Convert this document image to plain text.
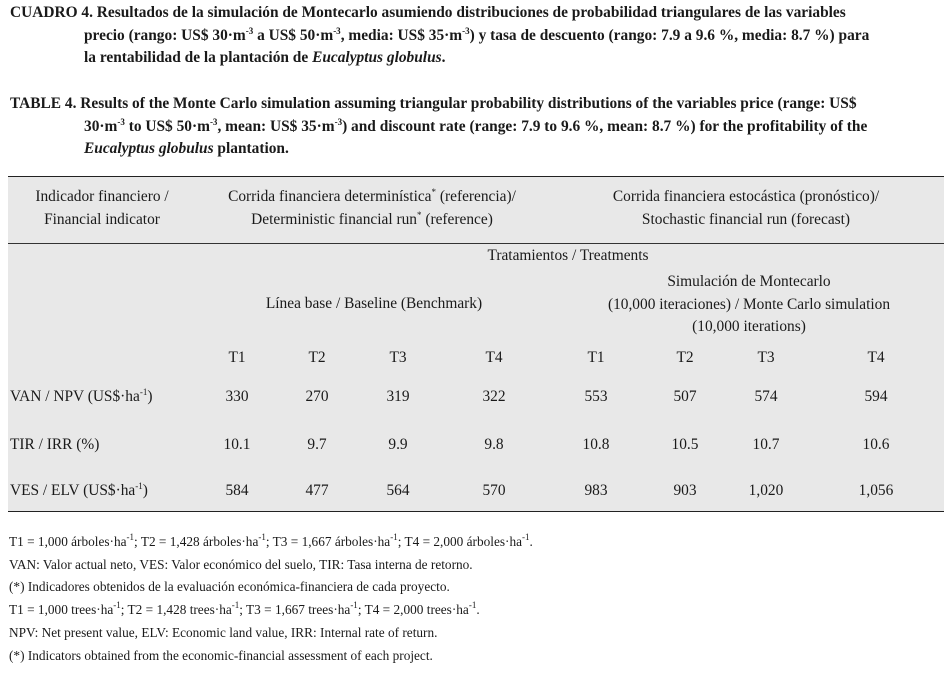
CUADRO 4. Resultados de la simulación de Montecarlo asumiendo distribuciones de probabilidad triangulares de las variables
precio (rango: US$ $30\cdot m^{-3}$ a US$ $50\cdot m^{-3}$, media: US$ $35\cdot m^{-3}$) y tasa de descuento (rango: 7.9 a 9.6 %, media: 8.7 %) para
la rentabilidad de la plantación de Eucalyptus globulus.
TABLE 4. Results of the Monte Carlo simulation assuming triangular probability distributions of the variables price (range: US$
$30\cdot m^{-3}$ to US$ $50\cdot m^{-3}$, mean: US$ $35\cdot m^{-3}$) and discount rate (range: 7.9 to 9.6 %, mean: 8.7 %) for the profitability of the
Eucalyptus globulus plantation.
Indicador financiero /
Financial indicator
Corrida financiera determinística* (referencia)/
Deterministic financial run* (reference)
Corrida financiera estocástica (pronóstico)/
Stochastic financial run (forecast)
Tratamientos / Treatments
Línea base / Baseline (Benchmark)
Simulación de Montecarlo
(10,000 iteraciones) / Monte Carlo simulation
(10,000 iterations)
T1	T2	T3	T4	T1	T2	T3	T4
VAN / NPV $(US\$\cdot ha^{-1})$	330	270	319	322	553	507	574	594
TIR / IRR (%)	10.1	9.7	9.9	9.8	10.8	10.5	10.7	10.6
VES / ELV $(US\$\cdot ha^{-1})$	584	477	564	570	983	903	1,020	1,056
T1 = 1,000 $árboles\cdot ha^{-1}$; T2 = 1,428 $árboles\cdot ha^{-1}$; T3 = 1,667 $árboles\cdot ha^{-1}$; T4 = 2,000 $árboles\cdot ha^{-1}$.
VAN: Valor actual neto, VES: Valor económico del suelo, TIR: Tasa interna de retorno.
(*) Indicadores obtenidos de la evaluación económica-financiera de cada proyecto.
T1 = 1,000 $trees\cdot ha^{-1}$; T2 = 1,428 $trees\cdot ha^{-1}$; T3 = 1,667 $trees\cdot ha^{-1}$; T4 = 2,000 $trees\cdot ha^{-1}$.
NPV: Net present value, ELV: Economic land value, IRR: Internal rate of return.
(*) Indicators obtained from the economic-financial assessment of each project.
